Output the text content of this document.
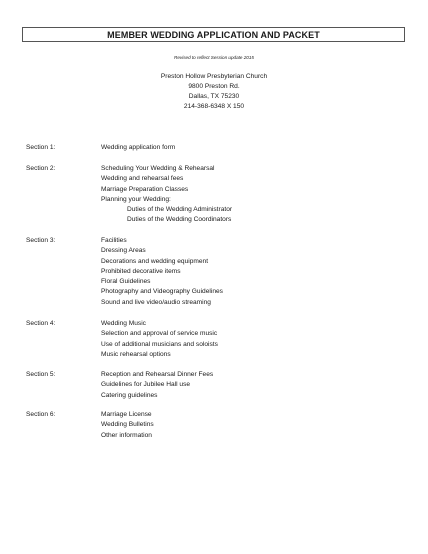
MEMBER WEDDING APPLICATION AND PACKET
Revised to reflect Session update 2015
Preston Hollow Presbyterian Church
9800 Preston Rd.
Dallas, TX 75230
214-368-6348 X 150
Section 1:	Wedding application form
Section 2:	Scheduling Your Wedding & Rehearsal
Wedding and rehearsal fees
Marriage Preparation Classes
Planning your Wedding:
Duties of the Wedding Administrator
Duties of the Wedding Coordinators
Section 3:	Facilities
Dressing Areas
Decorations and wedding equipment
Prohibited decorative items
Floral Guidelines
Photography and Videography Guidelines
Sound and live video/audio streaming
Section 4:	Wedding Music
Selection and approval of service music
Use of additional musicians and soloists
Music rehearsal options
Section 5:	Reception and Rehearsal Dinner Fees
Guidelines for Jubilee Hall use
Catering guidelines
Section 6:	Marriage License
Wedding Bulletins
Other information
